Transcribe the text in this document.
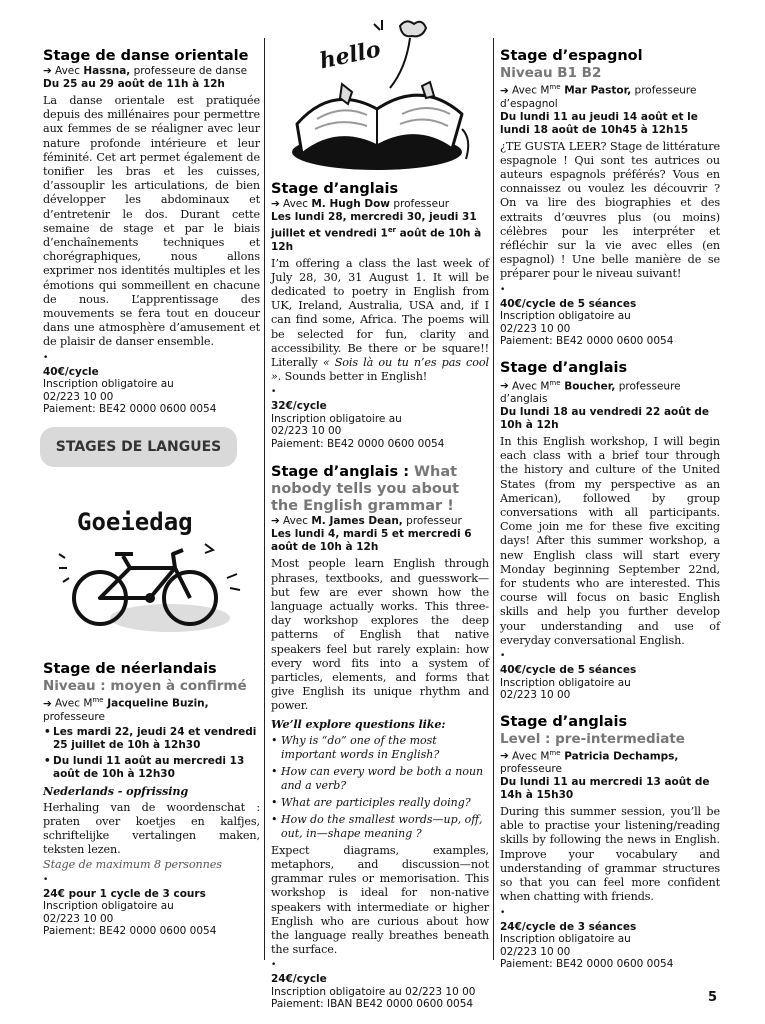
Stage de danse orientale
➔ Avec Hassna, professeure de danse
Du 25 au 29 août de 11h à 12h

La danse orientale est pratiquée depuis des millénaires pour permettre aux femmes de se réaligner avec leur nature profonde intérieure et leur féminité. Cet art permet également de tonifier les bras et les cuisses, d’assouplir les articulations, de bien développer les abdominaux et d’entretenir le dos. Durant cette semaine de stage et par le biais d’enchaînements techniques et chorégraphiques, nous allons exprimer nos identités multiples et les émotions qui sommeillent en chacune de nous. L’apprentissage des mouvements se fera tout en douceur dans une atmosphère d’amusement et de plaisir de danser ensemble.

•
40€/cycle
Inscription obligatoire au
02/223 10 00
Paiement: BE42 0000 0600 0054
STAGES DE LANGUES
Goeiedag
Stage de néerlandais
Niveau : moyen à confirmé
➔ Avec $M^{me}$ Jacqueline Buzin,
professeure
• Les mardi 22, jeudi 24 et vendredi 25 juillet de 10h à 12h30
• Du lundi 11 août au mercredi 13 août de 10h à 12h30
Nederlands - opfrissing

Herhaling van de woordenschat : praten over koetjes en kalfjes, schriftelijke vertalingen maken, teksten lezen.

Stage de maximum 8 personnes
•
24€ pour 1 cycle de 3 cours
Inscription obligatoire au
02/223 10 00
Paiement: BE42 0000 0600 0054
hello
Stage d’anglais
➔ Avec M. Hugh Dow professeur
Les lundi 28, mercredi 30, jeudi 31 juillet et vendredi 1er août de 10h à 12h

I’m offering a class the last week of July 28, 30, 31 August 1. It will be dedicated to poetry in English from UK, Ireland, Australia, USA and, if I can find some, Africa. The poems will be selected for fun, clarity and accessibility. Be there or be square!! Literally « Sois là ou tu n’es pas cool ». Sounds better in English!

•
32€/cycle
Inscription obligatoire au
02/223 10 00
Paiement: BE42 0000 0600 0054
Stage d’anglais : What nobody tells you about the English grammar !
➔ Avec M. James Dean, professeur
Les lundi 4, mardi 5 et mercredi 6 août de 10h à 12h

Most people learn English through phrases, textbooks, and guesswork—but few are ever shown how the language actually works. This three-day workshop explores the deep patterns of English that native speakers feel but rarely explain: how every word fits into a system of particles, elements, and forms that give English its unique rhythm and power.

We’ll explore questions like:
• Why is “do” one of the most important words in English?
• How can every word be both a noun and a verb?
• What are participles really doing?
• How do the smallest words—up, off, out, in—shape meaning ?

Expect diagrams, examples, metaphors, and discussion—not grammar rules or memorisation. This workshop is ideal for non-native speakers with intermediate or higher English who are curious about how the language really breathes beneath the surface.

•
24€/cycle
Inscription obligatoire au 02/223 10 00
Paiement: IBAN BE42 0000 0600 0054
Stage d’espagnol
Niveau B1 B2
➔ Avec $M^{me}$ Mar Pastor, professeure d’espagnol
Du lundi 11 au jeudi 14 août et le lundi 18 août de 10h45 à 12h15

¿TE GUSTA LEER? Stage de littérature espagnole ! Qui sont tes autrices ou auteurs espagnols préférés? Vous en connaissez ou voulez les découvrir ? On va lire des biographies et des extraits d’œuvres plus (ou moins) célèbres pour les interpréter et réfléchir sur la vie avec elles (en espagnol) ! Une belle manière de se préparer pour le niveau suivant!

•
40€/cycle de 5 séances
Inscription obligatoire au
02/223 10 00
Paiement: BE42 0000 0600 0054
Stage d’anglais
➔ Avec $M^{me}$ Boucher, professeure d’anglais
Du lundi 18 au vendredi 22 août de 10h à 12h

In this English workshop, I will begin each class with a brief tour through the history and culture of the United States (from my perspective as an American), followed by group conversations with all participants. Come join me for these five exciting days! After this summer workshop, a new English class will start every Monday beginning September 22nd, for students who are interested. This course will focus on basic English skills and help you further develop your understanding and use of everyday conversational English.

•
40€/cycle de 5 séances
Inscription obligatoire au
02/223 10 00
Stage d’anglais
Level : pre-intermediate
➔ Avec $M^{me}$ Patricia Dechamps, professeure
Du lundi 11 au mercredi 13 août de 14h à 15h30

During this summer session, you’ll be able to practise your listening/reading skills by following the news in English. Improve your vocabulary and understanding of grammar structures so that you can feel more confident when chatting with friends.

•
24€/cycle de 3 séances
Inscription obligatoire au
02/223 10 00
Paiement: BE42 0000 0600 0054
5
